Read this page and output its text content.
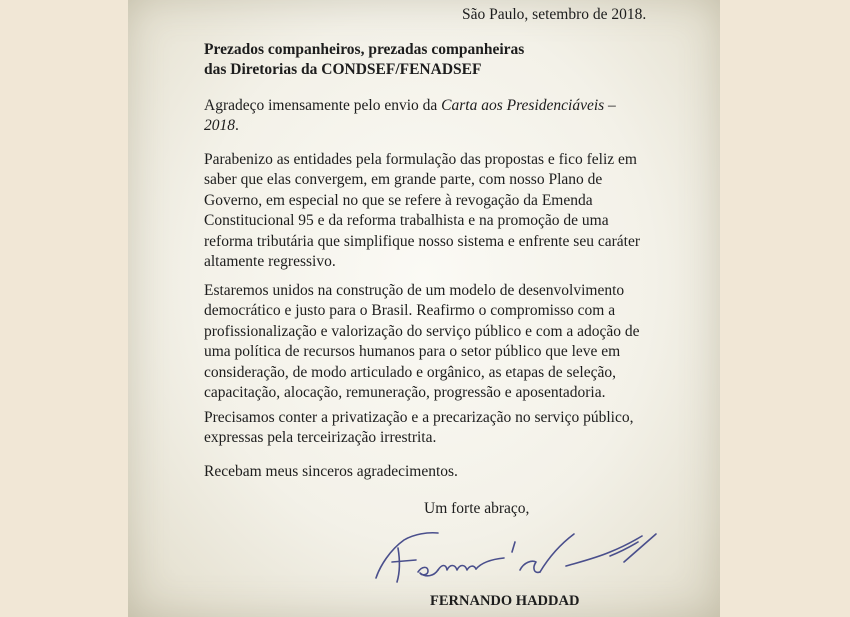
São Paulo, setembro de 2018.

Prezados companheiros, prezadas companheiras
das Diretorias da CONDSEF/FENADSEF

Agradeço imensamente pelo envio da Carta aos Presidenciáveis –
2018.

Parabenizo as entidades pela formulação das propostas e fico feliz em
saber que elas convergem, em grande parte, com nosso Plano de
Governo, em especial no que se refere à revogação da Emenda
Constitucional 95 e da reforma trabalhista e na promoção de uma
reforma tributária que simplifique nosso sistema e enfrente seu caráter
altamente regressivo.

Estaremos unidos na construção de um modelo de desenvolvimento
democrático e justo para o Brasil. Reafirmo o compromisso com a
profissionalização e valorização do serviço público e com a adoção de
uma política de recursos humanos para o setor público que leve em
consideração, de modo articulado e orgânico, as etapas de seleção,
capacitação, alocação, remuneração, progressão e aposentadoria.

Precisamos conter a privatização e a precarização no serviço público,
expressas pela terceirização irrestrita.

Recebam meus sinceros agradecimentos.

Um forte abraço,

FERNANDO HADDAD
